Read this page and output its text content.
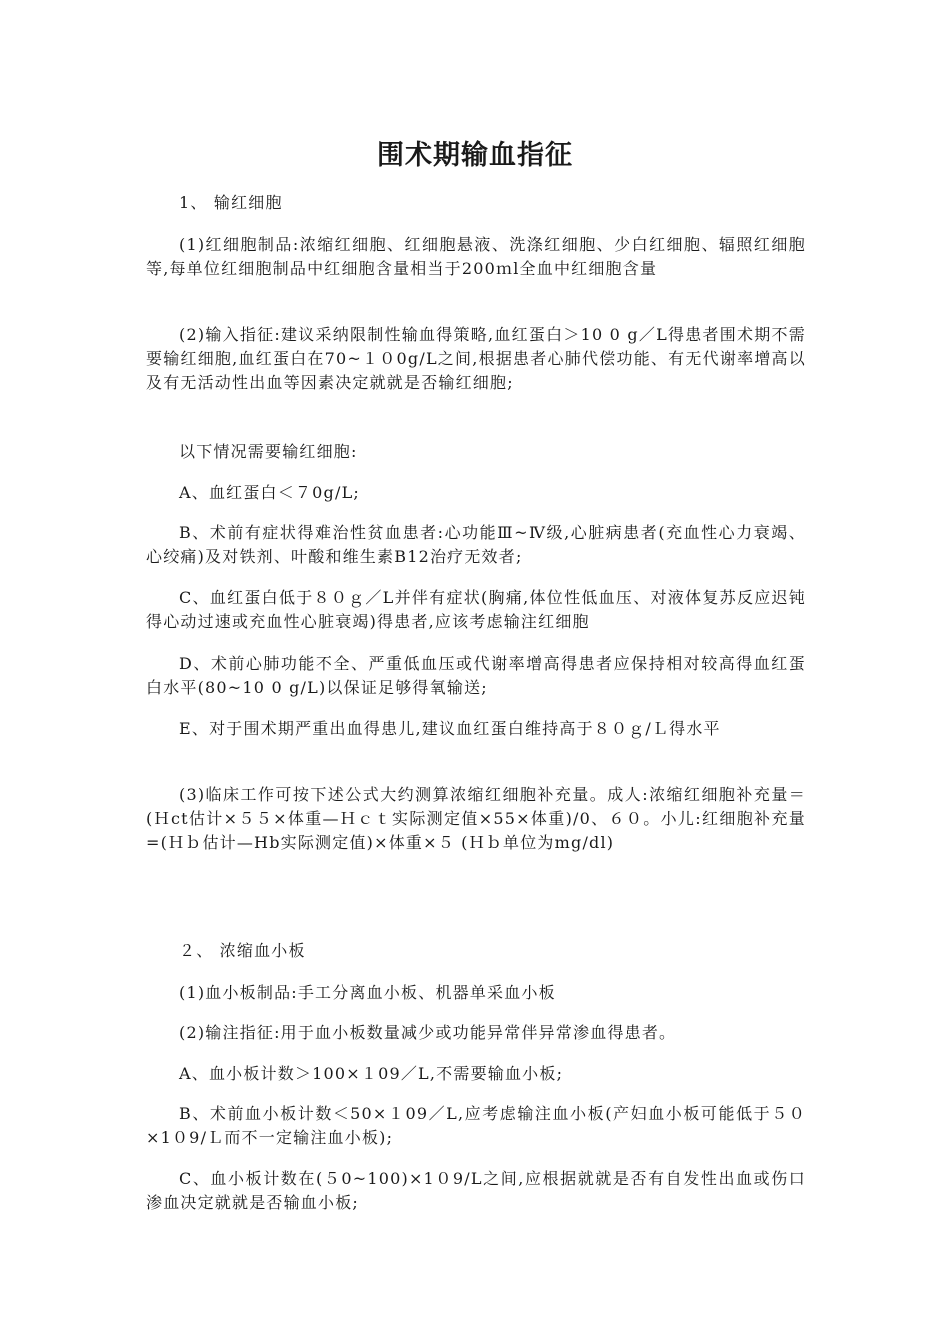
围术期输血指征

1、 输红细胞

(1)红细胞制品:浓缩红细胞、红细胞悬液、洗涤红细胞、少白红细胞、辐照红细胞等,每单位红细胞制品中红细胞含量相当于200ｍl全血中红细胞含量

(2)输入指征:建议采纳限制性输血得策略,血红蛋白＞10 0 g／L得患者围术期不需要输红细胞,血红蛋白在70~１０0g/L之间,根据患者心肺代偿功能、有无代谢率增高以及有无活动性出血等因素决定就就是否输红细胞;

以下情况需要输红细胞:

A、血红蛋白＜７0g/L;

B、术前有症状得难治性贫血患者:心功能Ⅲ~Ⅳ级,心脏病患者(充血性心力衰竭、心绞痛)及对铁剂、叶酸和维生素B12治疗无效者;

C、血红蛋白低于８０ｇ／L并伴有症状(胸痛,体位性低血压、对液体复苏反应迟钝得心动过速或充血性心脏衰竭)得患者,应该考虑输注红细胞

D、术前心肺功能不全、严重低血压或代谢率增高得患者应保持相对较高得血红蛋白水平(80~10 0 g/L)以保证足够得氧输送;

E、对于围术期严重出血得患儿,建议血红蛋白维持高于８０ｇ/Ｌ得水平

(3)临床工作可按下述公式大约测算浓缩红细胞补充量。成人:浓缩红细胞补充量＝(Ｈct估计×５５×体重—Ｈｃｔ实际测定值×55×体重)/0、６０。小儿:红细胞补充量=(Ｈｂ估计—Hb实际测定值)×体重×５ (Ｈｂ单位为mg/dl)

２、 浓缩血小板

(1)血小板制品:手工分离血小板、机器单采血小板

(2)输注指征:用于血小板数量减少或功能异常伴异常渗血得患者。

A、血小板计数＞100×１09／L,不需要输血小板;

B、术前血小板计数＜50×１09／L,应考虑输注血小板(产妇血小板可能低于５０×1０9/Ｌ而不一定输注血小板);

C、血小板计数在(５0~100)×1０9/L之间,应根据就就是否有自发性出血或伤口渗血决定就就是否输血小板;
